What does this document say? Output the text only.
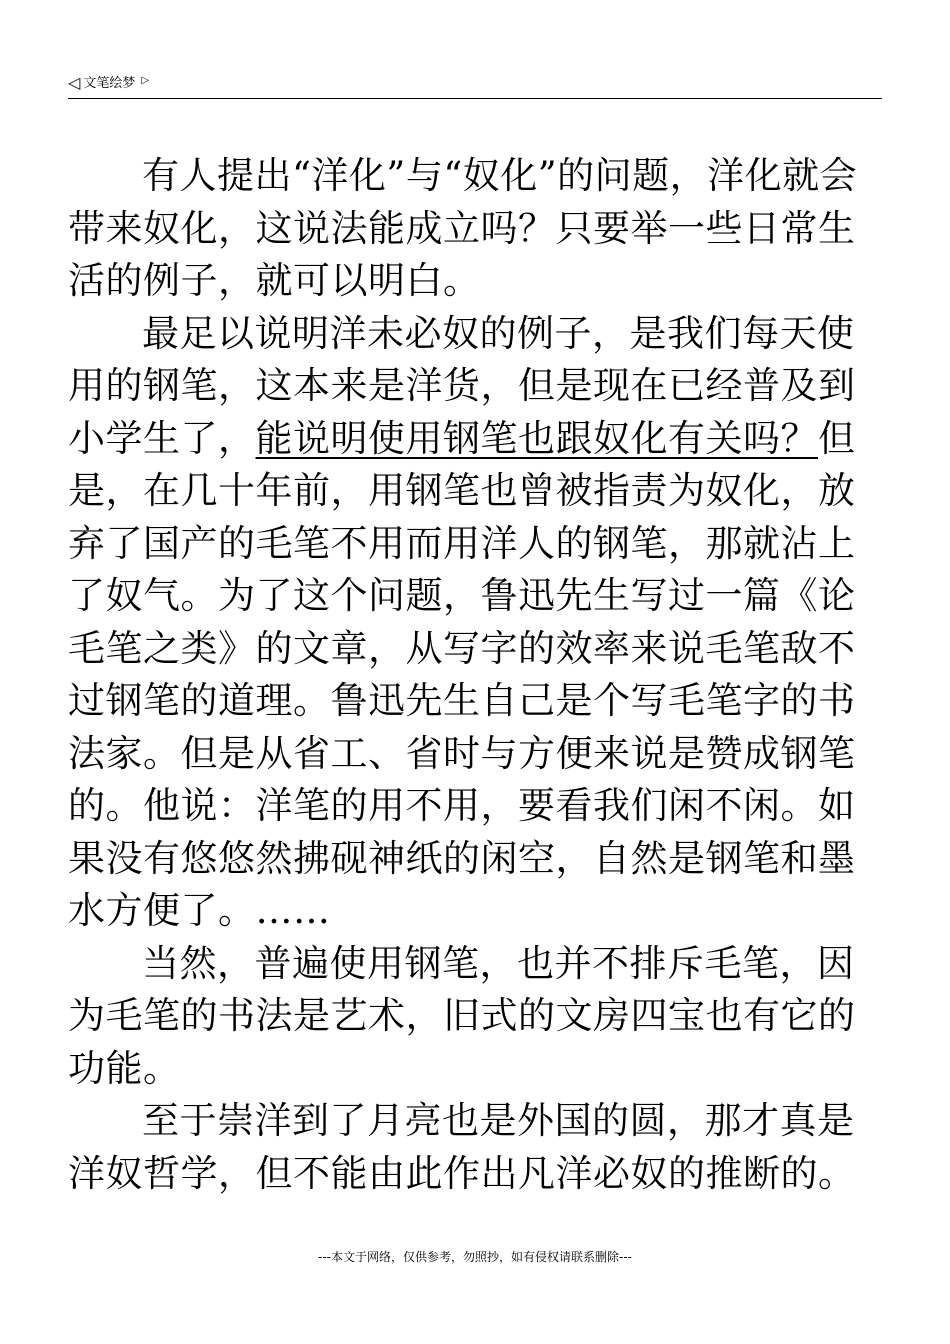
◁ 文笔绘梦 ▷

有人提出“洋化”与“奴化”的问题，洋化就会带来奴化，这说法能成立吗？只要举一些日常生活的例子，就可以明白。

最足以说明洋未必奴的例子，是我们每天使用的钢笔，这本来是洋货，但是现在已经普及到小学生了，能说明使用钢笔也跟奴化有关吗？但是，在几十年前，用钢笔也曾被指责为奴化，放弃了国产的毛笔不用而用洋人的钢笔，那就沾上了奴气。为了这个问题，鲁迅先生写过一篇《论毛笔之类》的文章，从写字的效率来说毛笔敌不过钢笔的道理。鲁迅先生自己是个写毛笔字的书法家。但是从省工、省时与方便来说是赞成钢笔的。他说：洋笔的用不用，要看我们闲不闲。如果没有悠悠然拂砚神纸的闲空，自然是钢笔和墨水方便了。……

当然，普遍使用钢笔，也并不排斥毛笔，因为毛笔的书法是艺术，旧式的文房四宝也有它的功能。

至于崇洋到了月亮也是外国的圆，那才真是洋奴哲学，但不能由此作出凡洋必奴的推断的。

---本文于网络，仅供参考，勿照抄，如有侵权请联系删除---
